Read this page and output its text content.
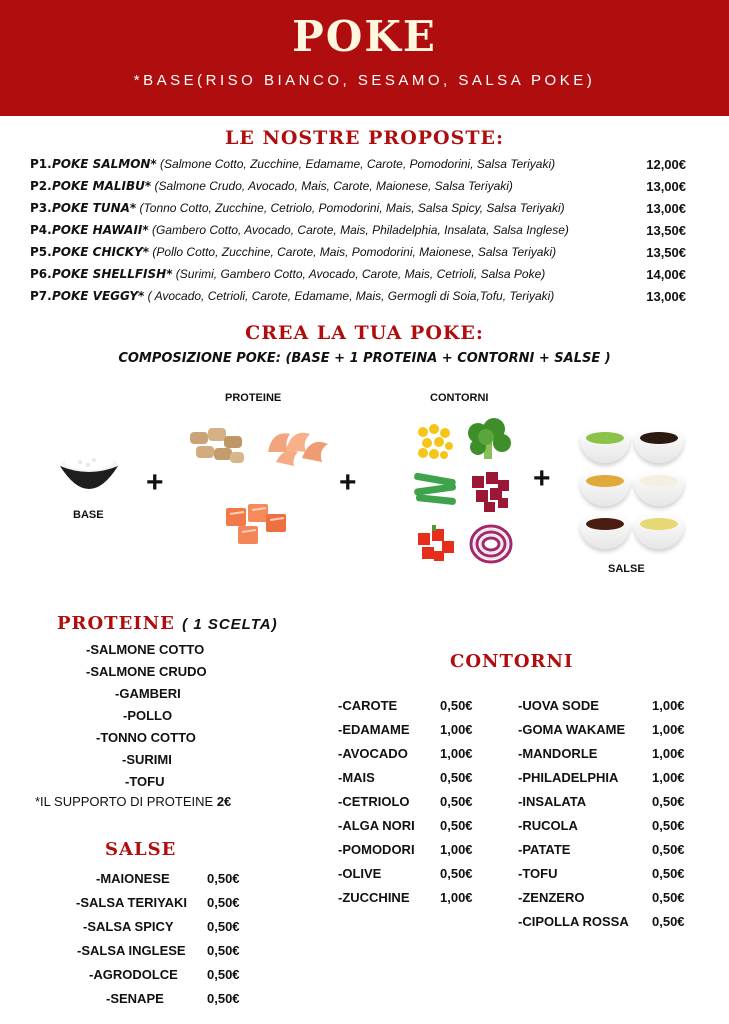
POKE
*BASE(RISO BIANCO, SESAMO, SALSA POKE)
LE NOSTRE PROPOSTE:
P1. POKE SALMON* (Salmone Cotto, Zucchine, Edamame, Carote, Pomodorini, Salsa Teriyaki)	12,00€
P2. POKE MALIBU* (Salmone Crudo, Avocado, Mais, Carote, Maionese, Salsa Teriyaki)	13,00€
P3. POKE TUNA* (Tonno Cotto, Zucchine, Cetriolo, Pomodorini, Mais, Salsa Spicy, Salsa Teriyaki)	13,00€
P4. POKE HAWAII* (Gambero Cotto, Avocado, Carote, Mais, Philadelphia, Insalata, Salsa Inglese)	13,50€
P5. POKE CHICKY* (Pollo Cotto, Zucchine, Carote, Mais, Pomodorini, Maionese, Salsa Teriyaki)	13,50€
P6. POKE SHELLFISH* (Surimi, Gambero Cotto, Avocado, Carote, Mais, Cetrioli, Salsa Poke)	14,00€
P7. POKE VEGGY* ( Avocado, Cetrioli, Carote, Edamame, Mais, Germogli di Soia,Tofu, Teriyaki)	13,00€
CREA LA TUA POKE:
COMPOSIZIONE POKE: (BASE + 1 PROTEINA + CONTORNI + SALSE )
PROTEINE	CONTORNI
BASE
+	+	+
SALSE
PROTEINE ( 1 SCELTA)
-SALMONE COTTO
-SALMONE CRUDO
-GAMBERI
-POLLO
-TONNO COTTO
-SURIMI
-TOFU
*IL SUPPORTO DI PROTEINE 2€
SALSE
-MAIONESE	0,50€
-SALSA TERIYAKI 0,50€
-SALSA SPICY	0,50€
-SALSA INGLESE 0,50€
-AGRODOLCE 0,50€
-SENAPE	0,50€
CONTORNI
-CAROTE	0,50€
-EDAMAME 1,00€
-AVOCADO 1,00€
-MAIS	0,50€
-CETRIOLO 0,50€
-ALGA NORI 0,50€
-POMODORI 1,00€
-OLIVE	0,50€
-ZUCCHINE 1,00€
-UOVA SODE	1,00€
-GOMA WAKAME 1,00€
-MANDORLE	1,00€
-PHILADELPHIA	1,00€
-INSALATA	0,50€
-RUCOLA	0,50€
-PATATE	0,50€
-TOFU	0,50€
-ZENZERO	0,50€
-CIPOLLA ROSSA 0,50€
